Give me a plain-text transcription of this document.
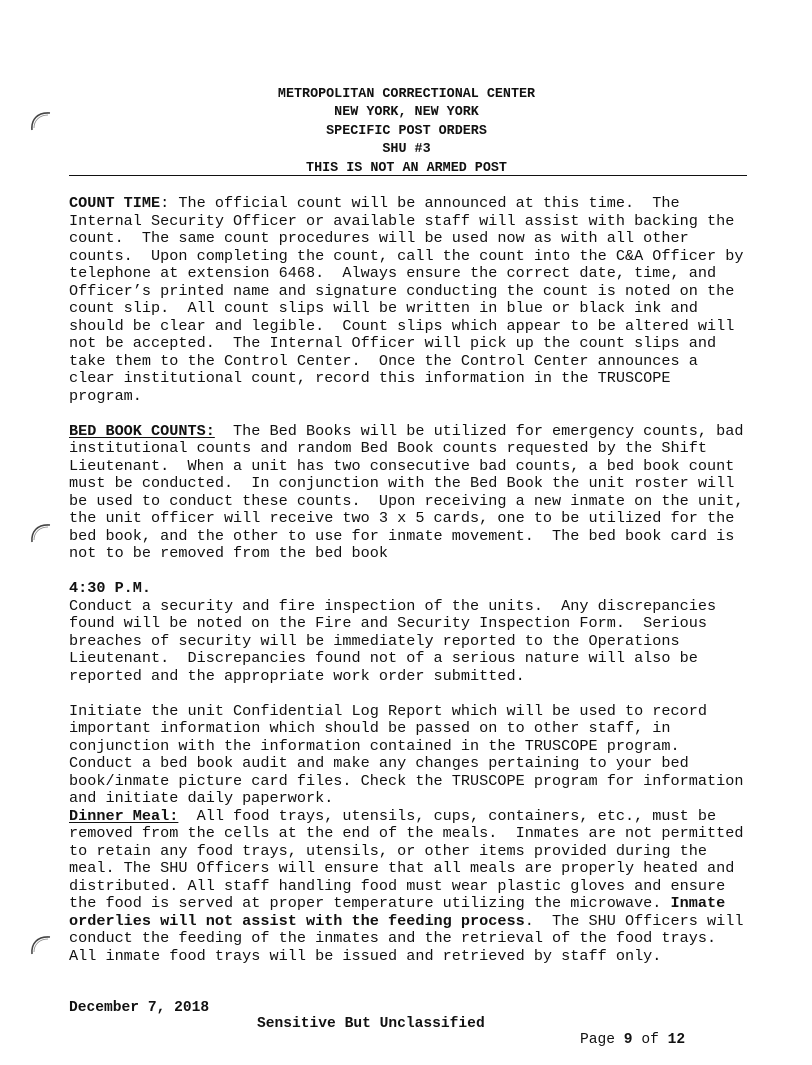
METROPOLITAN CORRECTIONAL CENTER
NEW YORK, NEW YORK
SPECIFIC POST ORDERS
SHU #3
THIS IS NOT AN ARMED POST

COUNT TIME: The official count will be announced at this time.  The Internal Security Officer or available staff will assist with backing the count.  The same count procedures will be used now as with all other counts.  Upon completing the count, call the count into the C&A Officer by telephone at extension 6468.  Always ensure the correct date, time, and Officer’s printed name and signature conducting the count is noted on the count slip.  All count slips will be written in blue or black ink and should be clear and legible.  Count slips which appear to be altered will not be accepted.  The Internal Officer will pick up the count slips and take them to the Control Center.  Once the Control Center announces a clear institutional count, record this information in the TRUSCOPE program.

BED BOOK COUNTS:  The Bed Books will be utilized for emergency counts, bad institutional counts and random Bed Book counts requested by the Shift Lieutenant.  When a unit has two consecutive bad counts, a bed book count must be conducted.  In conjunction with the Bed Book the unit roster will be used to conduct these counts.  Upon receiving a new inmate on the unit, the unit officer will receive two 3 x 5 cards, one to be utilized for the bed book, and the other to use for inmate movement.  The bed book card is not to be removed from the bed book

4:30 P.M.

Conduct a security and fire inspection of the units.  Any discrepancies found will be noted on the Fire and Security Inspection Form.  Serious breaches of security will be immediately reported to the Operations Lieutenant.  Discrepancies found not of a serious nature will also be reported and the appropriate work order submitted.

Initiate the unit Confidential Log Report which will be used to record important information which should be passed on to other staff, in conjunction with the information contained in the TRUSCOPE program. Conduct a bed book audit and make any changes pertaining to your bed book/inmate picture card files. Check the TRUSCOPE program for information and initiate daily paperwork.

Dinner Meal:  All food trays, utensils, cups, containers, etc., must be removed from the cells at the end of the meals.  Inmates are not permitted to retain any food trays, utensils, or other items provided during the meal. The SHU Officers will ensure that all meals are properly heated and distributed. All staff handling food must wear plastic gloves and ensure the food is served at proper temperature utilizing the microwave. Inmate orderlies will not assist with the feeding process.  The SHU Officers will conduct the feeding of the inmates and the retrieval of the food trays. All inmate food trays will be issued and retrieved by staff only.

December 7, 2018

Sensitive But Unclassified

Page 9 of 12
